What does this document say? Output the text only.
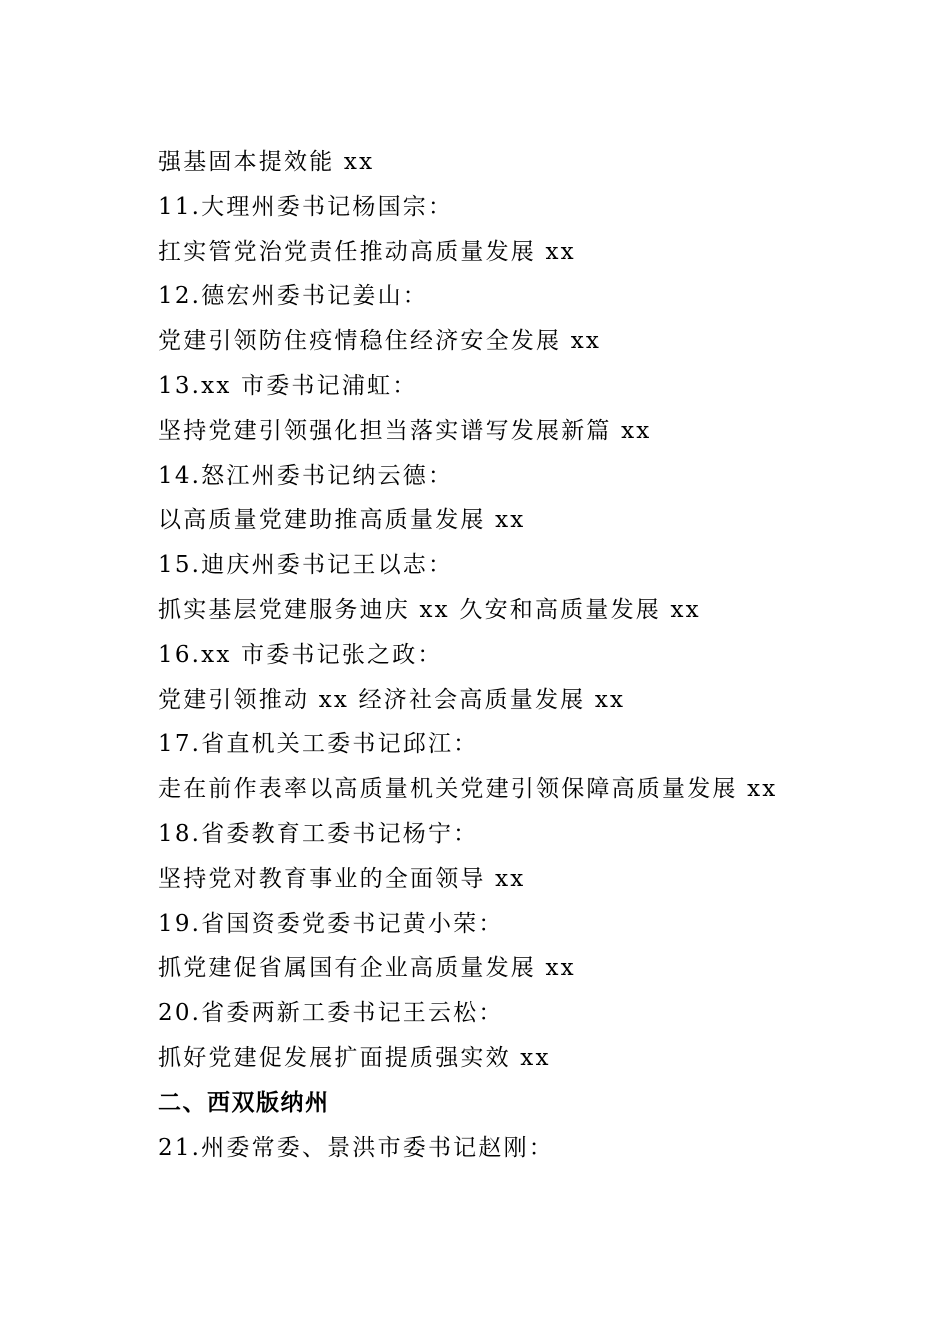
强基固本提效能 xx
11.大理州委书记杨国宗：
扛实管党治党责任推动高质量发展 xx
12.德宏州委书记姜山：
党建引领防住疫情稳住经济安全发展 xx
13.xx 市委书记浦虹：
坚持党建引领强化担当落实谱写发展新篇 xx
14.怒江州委书记纳云德：
以高质量党建助推高质量发展 xx
15.迪庆州委书记王以志：
抓实基层党建服务迪庆 xx 久安和高质量发展 xx
16.xx 市委书记张之政：
党建引领推动 xx 经济社会高质量发展 xx
17.省直机关工委书记邱江：
走在前作表率以高质量机关党建引领保障高质量发展 xx
18.省委教育工委书记杨宁：
坚持党对教育事业的全面领导 xx
19.省国资委党委书记黄小荣：
抓党建促省属国有企业高质量发展 xx
20.省委两新工委书记王云松：
抓好党建促发展扩面提质强实效 xx
二、西双版纳州
21.州委常委、景洪市委书记赵刚：
